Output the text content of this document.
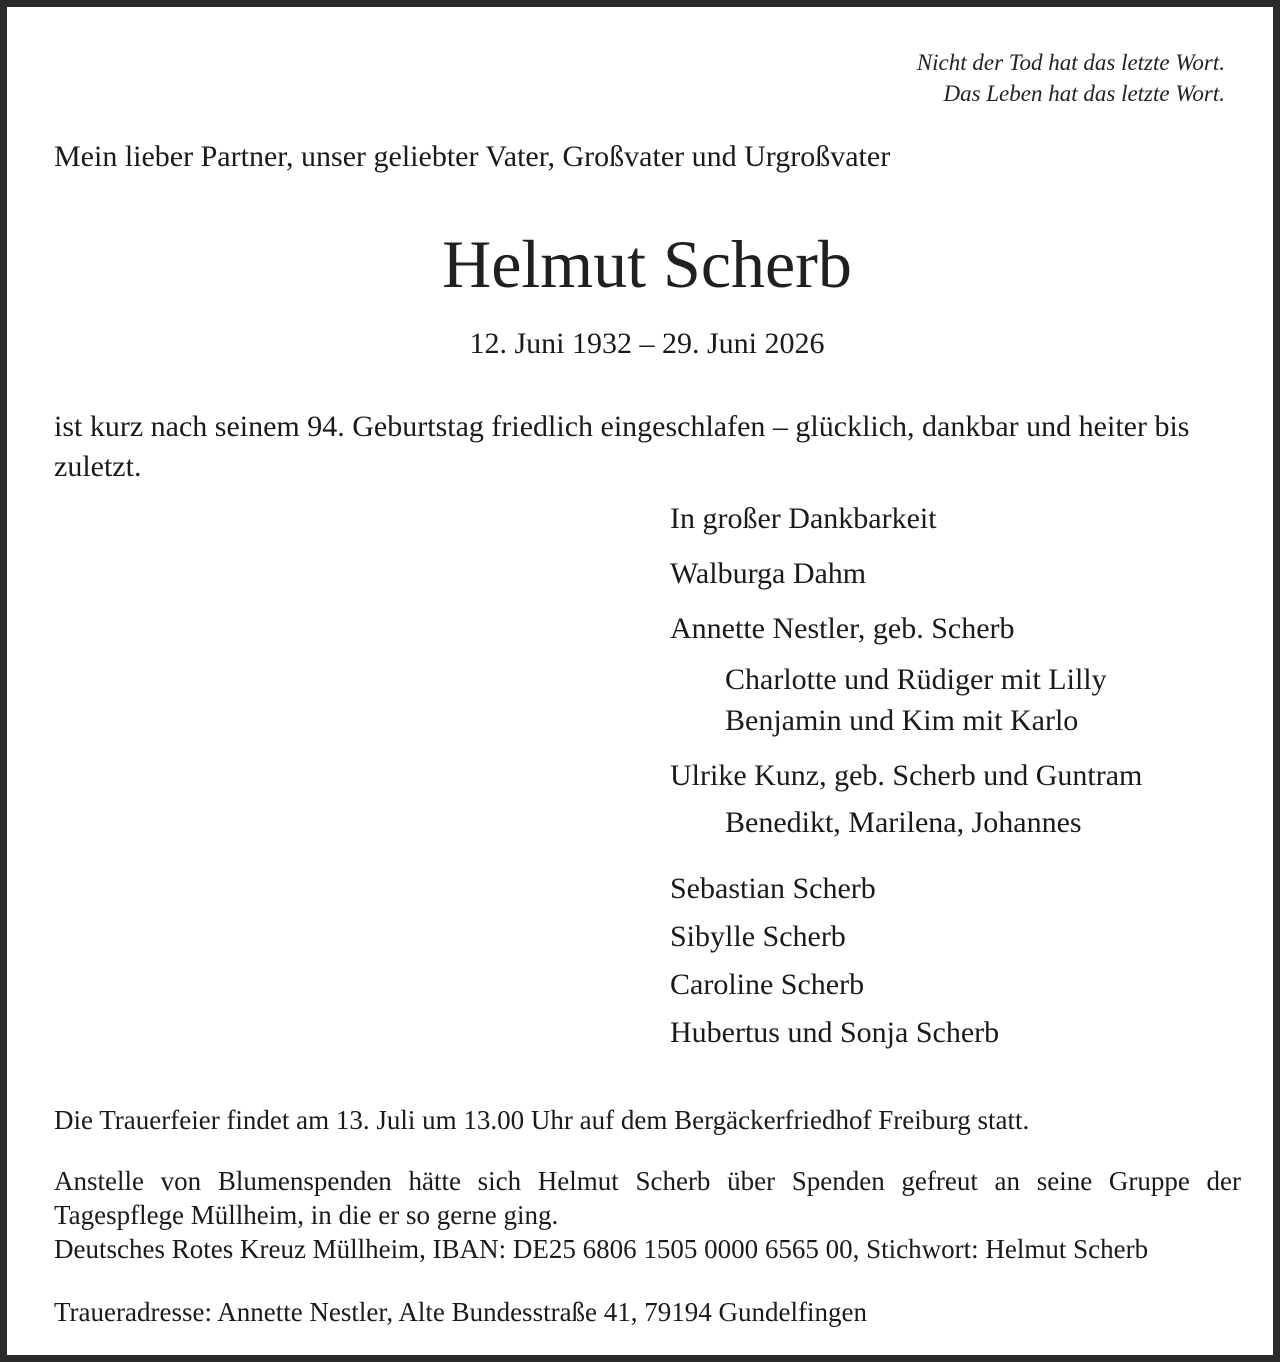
Nicht der Tod hat das letzte Wort.
Das Leben hat das letzte Wort.
Mein lieber Partner, unser geliebter Vater, Großvater und Urgroßvater
Helmut Scherb
12. Juni 1932 – 29. Juni 2026
ist kurz nach seinem 94. Geburtstag friedlich eingeschlafen – glücklich, dankbar und heiter bis zuletzt.
In großer Dankbarkeit
Walburga Dahm
Annette Nestler, geb. Scherb
Charlotte und Rüdiger mit Lilly
Benjamin und Kim mit Karlo
Ulrike Kunz, geb. Scherb und Guntram
Benedikt, Marilena, Johannes
Sebastian Scherb
Sibylle Scherb
Caroline Scherb
Hubertus und Sonja Scherb
Die Trauerfeier findet am 13. Juli um 13.00 Uhr auf dem Bergäckerfriedhof Freiburg statt.
Anstelle von Blumenspenden hätte sich Helmut Scherb über Spenden gefreut an seine Gruppe der Tagespflege Müllheim, in die er so gerne ging.
Deutsches Rotes Kreuz Müllheim, IBAN: DE25 6806 1505 0000 6565 00, Stichwort: Helmut Scherb
Traueradresse: Annette Nestler, Alte Bundesstraße 41, 79194 Gundelfingen
